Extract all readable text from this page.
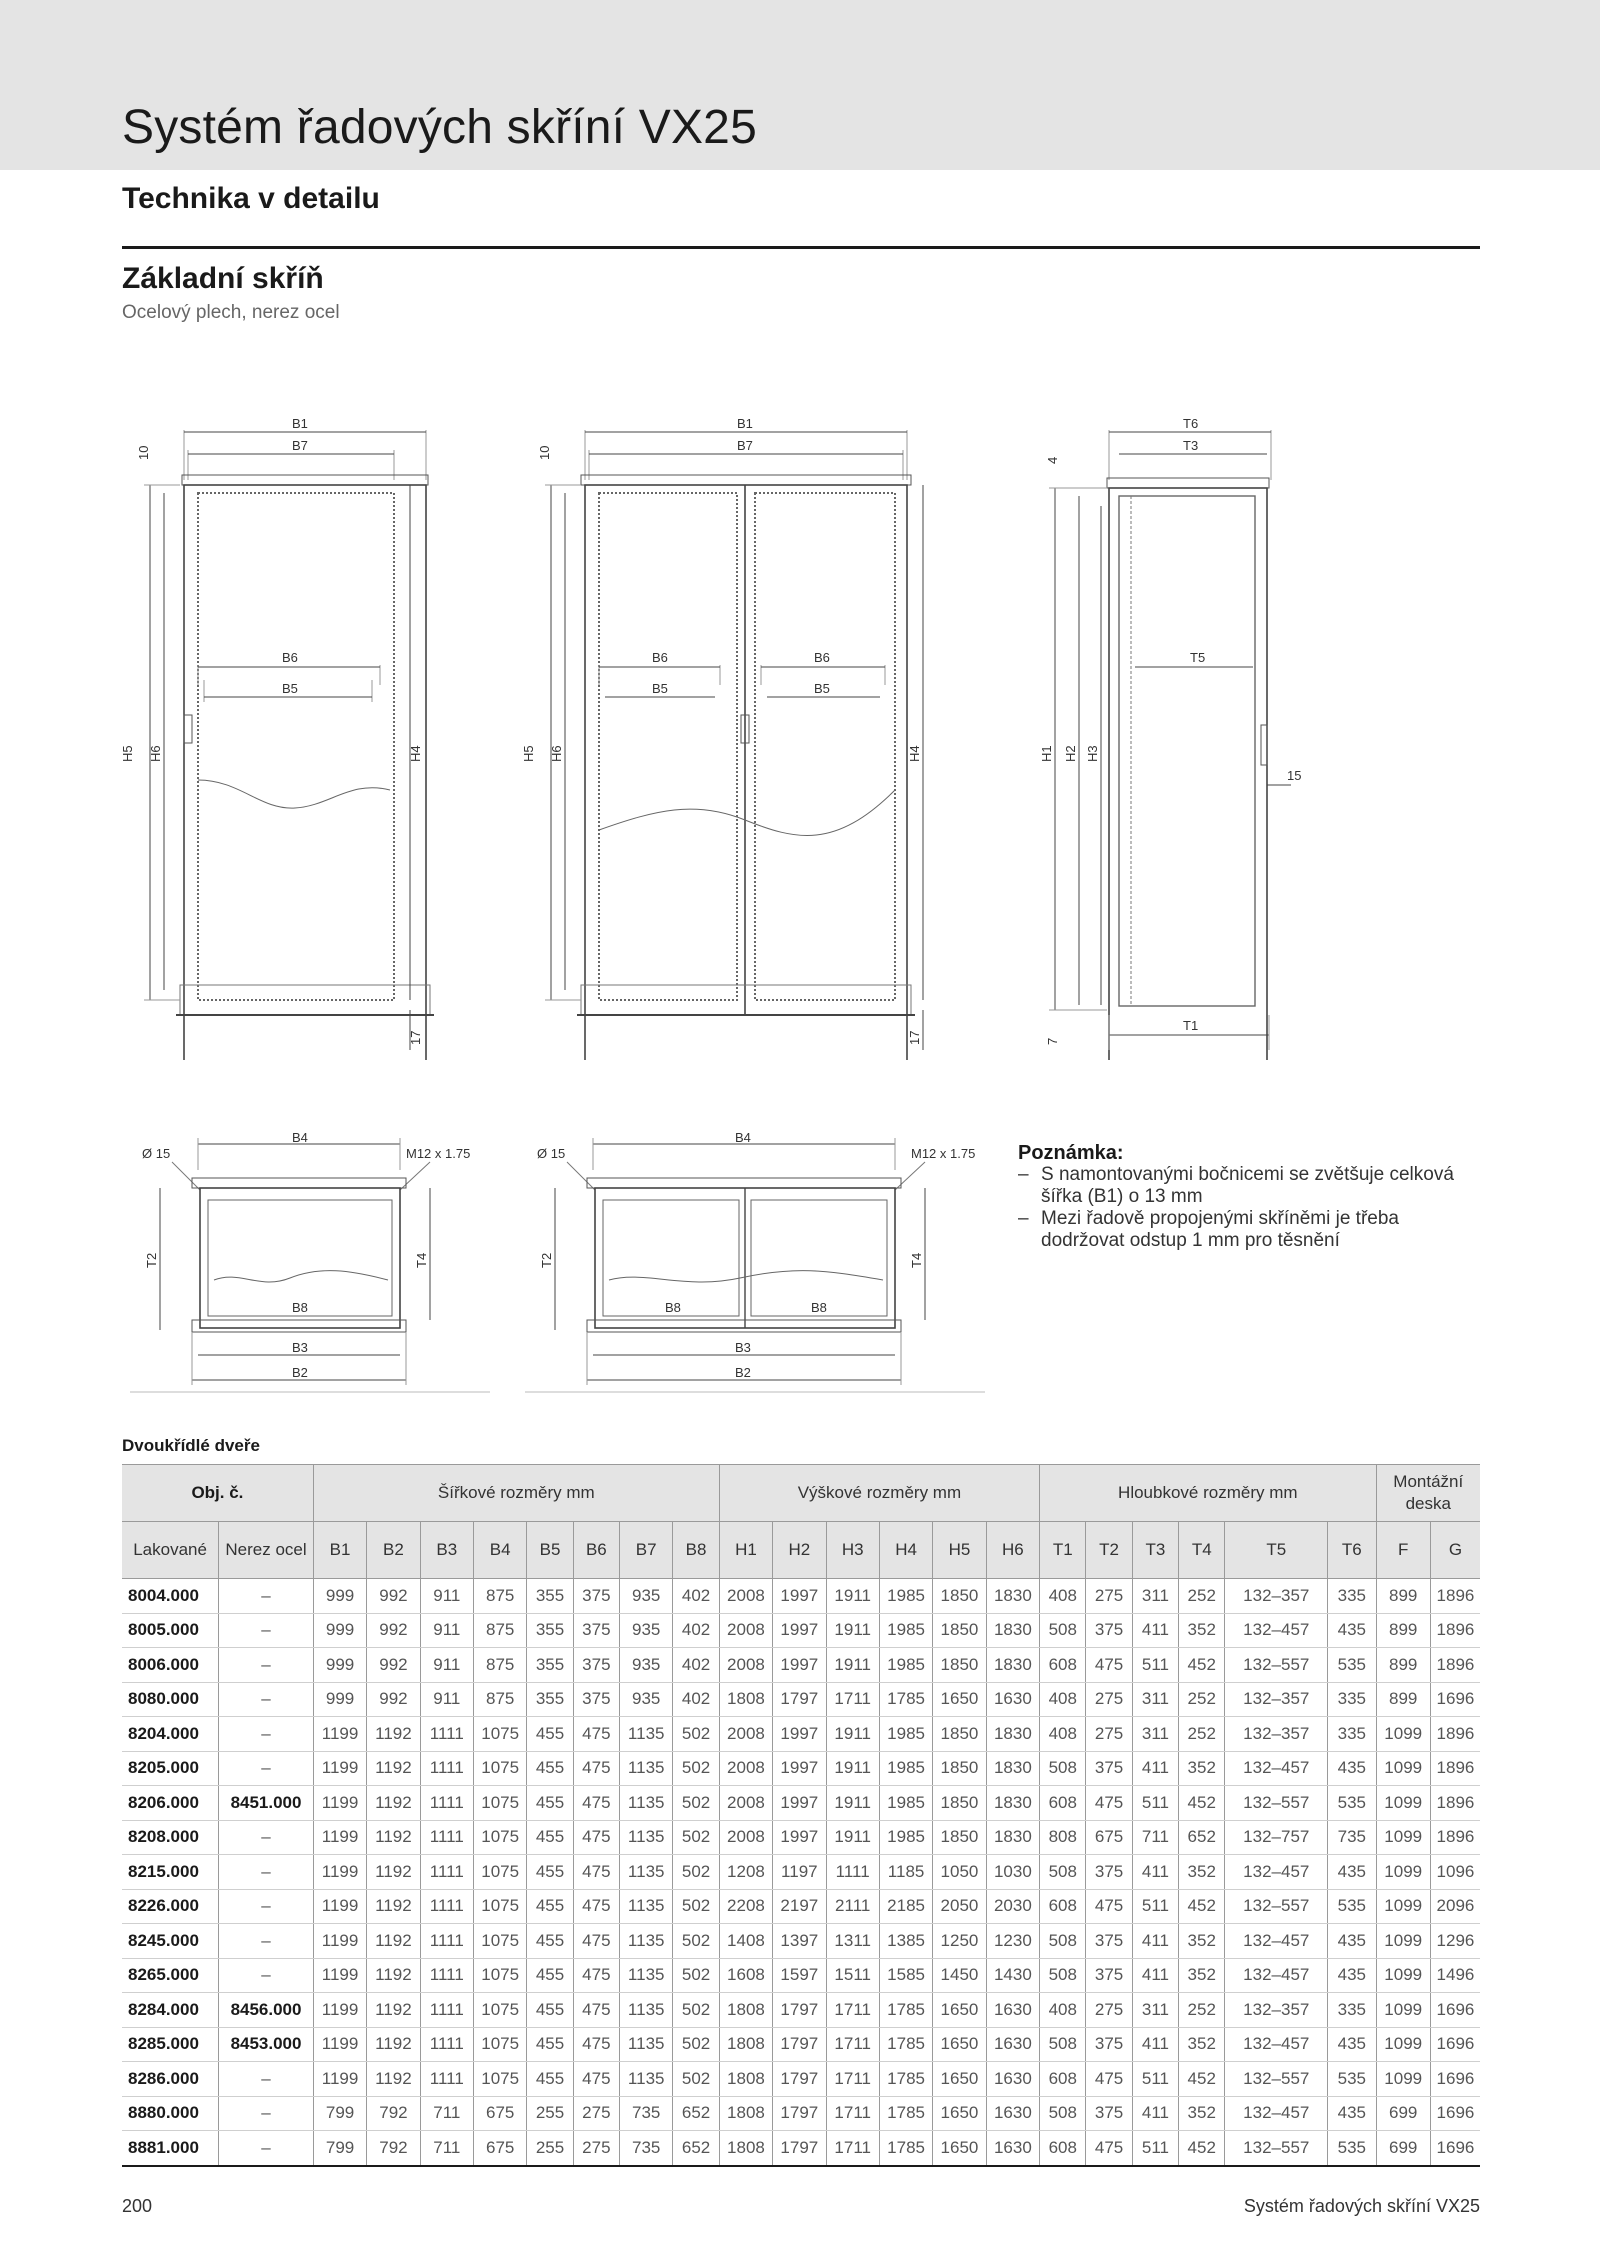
Systém řadových skříní VX25
Technika v detailu
Základní skříň
Ocelový plech, nerez ocel
B1
B7
B6
B5
10
H5 H6	H4
17
B1
B7
B6
B5
B6
B5
10
H5 H6	H4
17
T6
T3
T5
15
T1
4
H1 H2 H3
7
B4
Ø 15	M12 x 1.75
T2	T4
B8
B3
B2
B4
Ø 15	M12 x 1.75
T2	T4
B8	B8
B3
B2
Poznámka:
– S namontovanými bočnicemi se zvětšuje celková šířka (B1) o 13 mm
– Mezi řadově propojenými skříněmi je třeba dodržovat odstup 1 mm pro těsnění
Dvoukřídlé dveře
Obj. č.		Šířkové rozměry mm								Výškové rozměry mm						Hloubkové rozměry mm						Montážní deska	
Lakované	Nerez ocel	B1	B2	B3	B4	B5	B6	B7	B8	H1	H2	H3	H4	H5	H6	T1	T2	T3	T4	T5	T6	F	G
8004.000	–	999	992	911	875	355	375	935	402	2008	1997	1911	1985	1850	1830	408	275	311	252	132–357	335	899	1896
8005.000	–	999	992	911	875	355	375	935	402	2008	1997	1911	1985	1850	1830	508	375	411	352	132–457	435	899	1896
8006.000	–	999	992	911	875	355	375	935	402	2008	1997	1911	1985	1850	1830	608	475	511	452	132–557	535	899	1896
8080.000	–	999	992	911	875	355	375	935	402	1808	1797	1711	1785	1650	1630	408	275	311	252	132–357	335	899	1696
8204.000	–	1199	1192	1111	1075	455	475	1135	502	2008	1997	1911	1985	1850	1830	408	275	311	252	132–357	335	1099	1896
8205.000	–	1199	1192	1111	1075	455	475	1135	502	2008	1997	1911	1985	1850	1830	508	375	411	352	132–457	435	1099	1896
8206.000	8451.000	1199	1192	1111	1075	455	475	1135	502	2008	1997	1911	1985	1850	1830	608	475	511	452	132–557	535	1099	1896
8208.000	–	1199	1192	1111	1075	455	475	1135	502	2008	1997	1911	1985	1850	1830	808	675	711	652	132–757	735	1099	1896
8215.000	–	1199	1192	1111	1075	455	475	1135	502	1208	1197	1111	1185	1050	1030	508	375	411	352	132–457	435	1099	1096
8226.000	–	1199	1192	1111	1075	455	475	1135	502	2208	2197	2111	2185	2050	2030	608	475	511	452	132–557	535	1099	2096
8245.000	–	1199	1192	1111	1075	455	475	1135	502	1408	1397	1311	1385	1250	1230	508	375	411	352	132–457	435	1099	1296
8265.000	–	1199	1192	1111	1075	455	475	1135	502	1608	1597	1511	1585	1450	1430	508	375	411	352	132–457	435	1099	1496
8284.000	8456.000	1199	1192	1111	1075	455	475	1135	502	1808	1797	1711	1785	1650	1630	408	275	311	252	132–357	335	1099	1696
8285.000	8453.000	1199	1192	1111	1075	455	475	1135	502	1808	1797	1711	1785	1650	1630	508	375	411	352	132–457	435	1099	1696
8286.000	–	1199	1192	1111	1075	455	475	1135	502	1808	1797	1711	1785	1650	1630	608	475	511	452	132–557	535	1099	1696
8880.000	–	799	792	711	675	255	275	735	652	1808	1797	1711	1785	1650	1630	508	375	411	352	132–457	435	699	1696
8881.000	–	799	792	711	675	255	275	735	652	1808	1797	1711	1785	1650	1630	608	475	511	452	132–557	535	699	1696
200	Systém řadových skříní VX25
